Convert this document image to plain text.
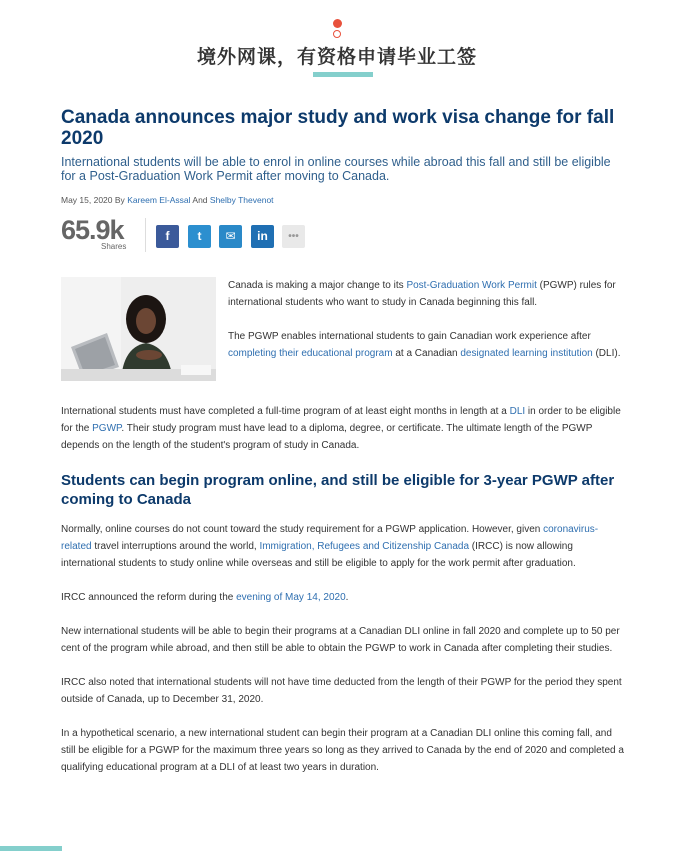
境外网课，有资格申请毕业工签
Canada announces major study and work visa change for fall 2020

International students will be able to enrol in online courses while abroad this fall and still be eligible for a Post-Graduation Work Permit after moving to Canada.

May 15, 2020 By Kareem El-Assal And Shelby Thevenot
65.9k
Shares
f	t	✉	in	•••

Canada is making a major change to its Post-Graduation Work Permit (PGWP) rules for international students who want to study in Canada beginning this fall.

The PGWP enables international students to gain Canadian work experience after completing their educational program at a Canadian designated learning institution (DLI).

International students must have completed a full-time program of at least eight months in length at a DLI in order to be eligible for the PGWP. Their study program must have lead to a diploma, degree, or certificate. The ultimate length of the PGWP depends on the length of the student's program of study in Canada.

Students can begin program online, and still be eligible for 3-year PGWP after coming to Canada

Normally, online courses do not count toward the study requirement for a PGWP application. However, given coronavirus-related travel interruptions around the world, Immigration, Refugees and Citizenship Canada (IRCC) is now allowing international students to study online while overseas and still be eligible to apply for the work permit after graduation.

IRCC announced the reform during the evening of May 14, 2020.

New international students will be able to begin their programs at a Canadian DLI online in fall 2020 and complete up to 50 per cent of the program while abroad, and then still be able to obtain the PGWP to work in Canada after completing their studies.

IRCC also noted that international students will not have time deducted from the length of their PGWP for the period they spent outside of Canada, up to December 31, 2020.

In a hypothetical scenario, a new international student can begin their program at a Canadian DLI online this coming fall, and still be eligible for a PGWP for the maximum three years so long as they arrived to Canada by the end of 2020 and completed a qualifying educational program at a DLI of at least two years in duration.
